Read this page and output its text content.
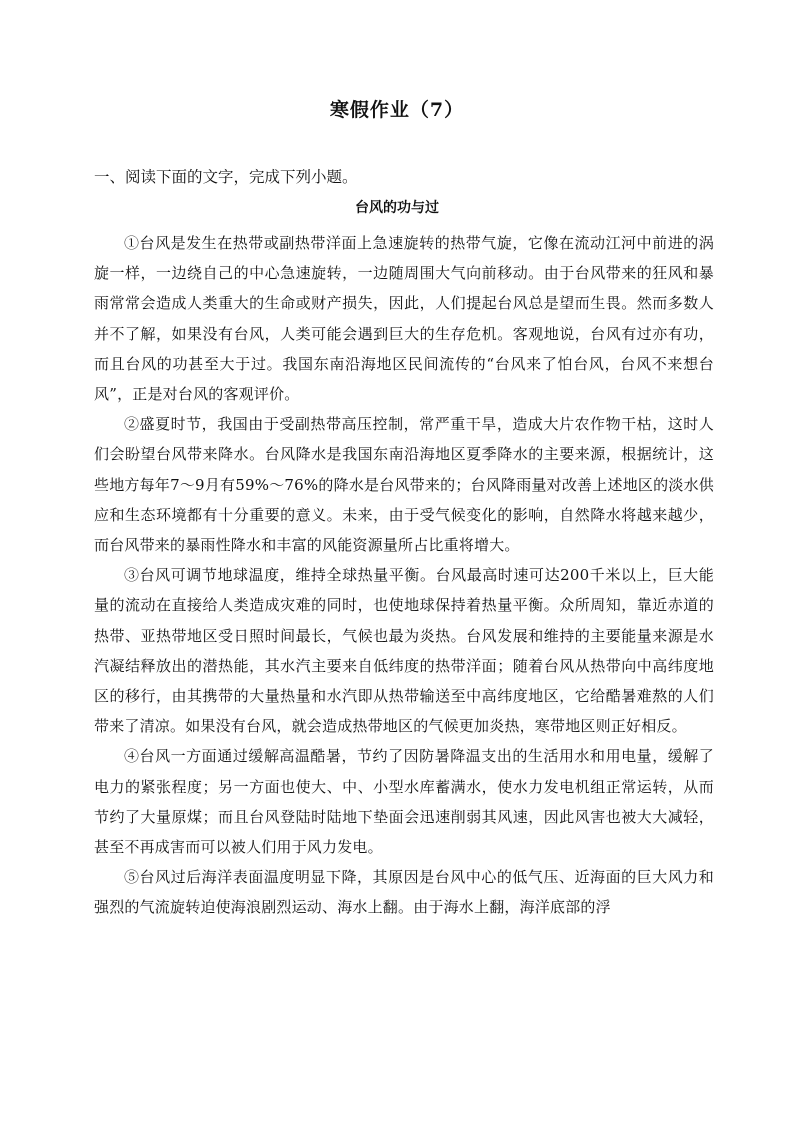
寒假作业（7）
一、阅读下面的文字，完成下列小题。
台风的功与过

①台风是发生在热带或副热带洋面上急速旋转的热带气旋，它像在流动江河中前进的涡旋一样，一边绕自己的中心急速旋转，一边随周围大气向前移动。由于台风带来的狂风和暴雨常常会造成人类重大的生命或财产损失，因此，人们提起台风总是望而生畏。然而多数人并不了解，如果没有台风，人类可能会遇到巨大的生存危机。客观地说，台风有过亦有功，而且台风的功甚至大于过。我国东南沿海地区民间流传的“台风来了怕台风，台风不来想台风”，正是对台风的客观评价。

②盛夏时节，我国由于受副热带高压控制，常严重干旱，造成大片农作物干枯，这时人们会盼望台风带来降水。台风降水是我国东南沿海地区夏季降水的主要来源，根据统计，这些地方每年7～9月有59%～76%的降水是台风带来的；台风降雨量对改善上述地区的淡水供应和生态环境都有十分重要的意义。未来，由于受气候变化的影响，自然降水将越来越少，而台风带来的暴雨性降水和丰富的风能资源量所占比重将增大。

③台风可调节地球温度，维持全球热量平衡。台风最高时速可达200千米以上，巨大能量的流动在直接给人类造成灾难的同时，也使地球保持着热量平衡。众所周知，靠近赤道的热带、亚热带地区受日照时间最长，气候也最为炎热。台风发展和维持的主要能量来源是水汽凝结释放出的潜热能，其水汽主要来自低纬度的热带洋面；随着台风从热带向中高纬度地区的移行，由其携带的大量热量和水汽即从热带输送至中高纬度地区，它给酷暑难熬的人们带来了清凉。如果没有台风，就会造成热带地区的气候更加炎热，寒带地区则正好相反。

④台风一方面通过缓解高温酷暑，节约了因防暑降温支出的生活用水和用电量，缓解了电力的紧张程度；另一方面也使大、中、小型水库蓄满水，使水力发电机组正常运转，从而节约了大量原煤；而且台风登陆时陆地下垫面会迅速削弱其风速，因此风害也被大大减轻，甚至不再成害而可以被人们用于风力发电。

⑤台风过后海洋表面温度明显下降，其原因是台风中心的低气压、近海面的巨大风力和强烈的气流旋转迫使海浪剧烈运动、海水上翻。由于海水上翻，海洋底部的浮
